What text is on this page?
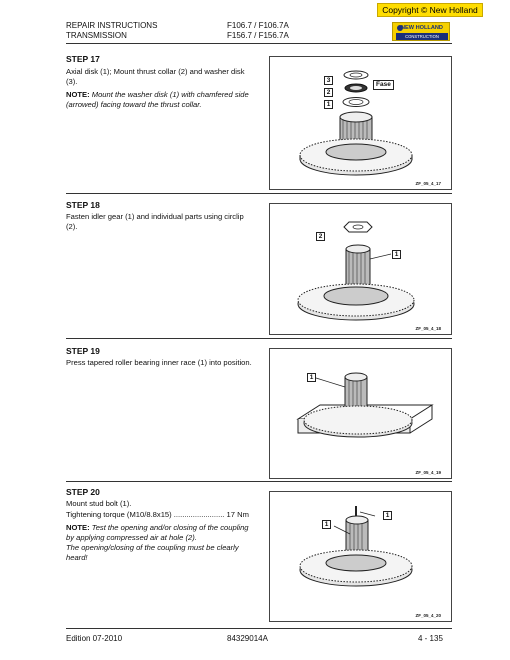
Copyright © New Holland
REPAIR INSTRUCTIONS
TRANSMISSION
F106.7 / F106.7A
F156.7 / F156.7A
NEW HOLLAND
CONSTRUCTION
STEP 17
Axial disk (1); Mount thrust collar (2) and washer disk (3).
NOTE: Mount the washer disk (1) with chamfered side (arrowed) facing toward the thrust collar.
3
2
1
Fase
ZF_05_4_17
STEP 18
Fasten idler gear (1) and individual parts using circlip (2).
2
1
ZF_05_4_18
STEP 19
Press tapered roller bearing inner race (1) into position.
1
ZF_05_4_19
STEP 20
Mount stud bolt (1).
Tightening torque (M10/8.8x15) ........................ 17 Nm
NOTE: Test the opening and/or closing of the coupling by applying compressed air at hole (2).
The opening/closing of the coupling must be clearly heard!
1
1
ZF_05_4_20
Edition 07-2010	84329014A	4 - 135
